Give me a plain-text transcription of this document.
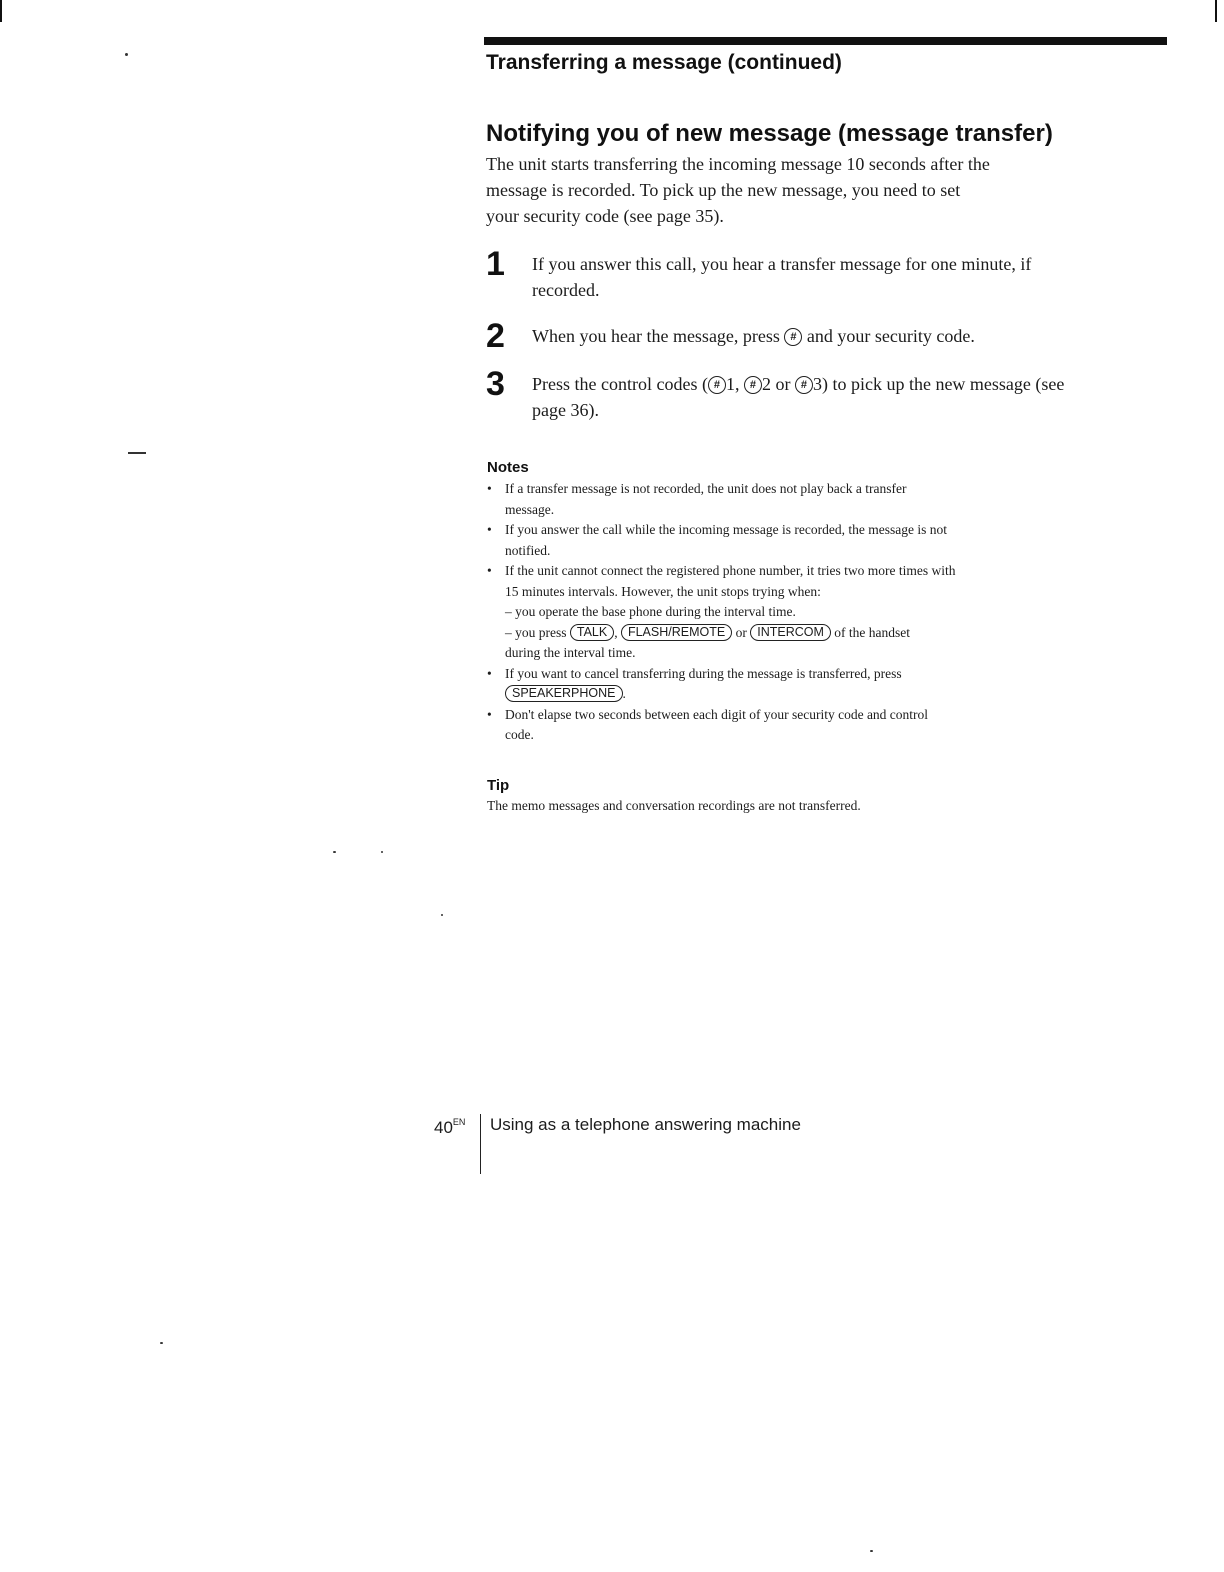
Transferring a message (continued)
Notifying you of new message (message transfer)

The unit starts transferring the incoming message 10 seconds after the
message is recorded. To pick up the new message, you need to set
your security code (see page 35).

1 If you answer this call, you hear a transfer message for one minute, if
recorded.
2 When you hear the message, press # and your security code.
3 Press the control codes ( # 1, # 2 or # 3) to pick up the new message (see
page 36).
Notes
• If a transfer message is not recorded, the unit does not play back a transfer
message.
• If you answer the call while the incoming message is recorded, the message is not
notified.
• If the unit cannot connect the registered phone number, it tries two more times with
15 minutes intervals. However, the unit stops trying when:
– you operate the base phone during the interval time.
– you press TALK , FLASH/REMOTE or INTERCOM of the handset
during the interval time.
• If you want to cancel transferring during the message is transferred, press
SPEAKERPHONE .
• Don't elapse two seconds between each digit of your security code and control
code.
Tip

The memo messages and conversation recordings are not transferred.

$40^{EN}$ Using as a telephone answering machine
